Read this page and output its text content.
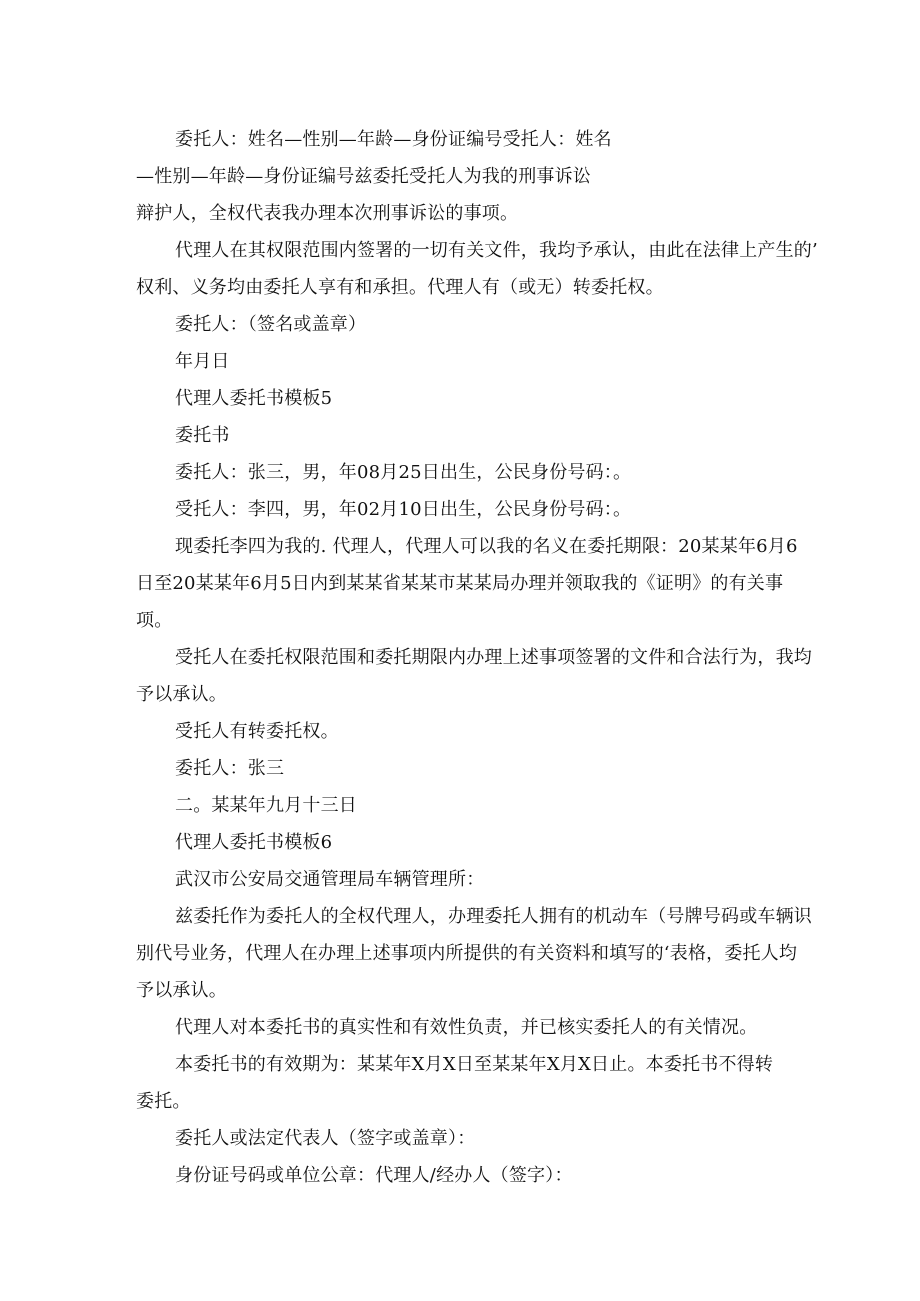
委托人：姓名—性别—年龄—身份证编号受托人：姓名
—性别—年龄—身份证编号兹委托受托人为我的刑事诉讼
辩护人，全权代表我办理本次刑事诉讼的事项。
代理人在其权限范围内签署的一切有关文件，我均予承认，由此在法律上产生的’
权利、义务均由委托人享有和承担。代理人有（或无）转委托权。
委托人：（签名或盖章）
年月日
代理人委托书模板5
委托书
委托人：张三，男，年08月25日出生，公民身份号码：。
受托人：李四，男，年02月10日出生，公民身份号码：。
现委托李四为我的. 代理人，代理人可以我的名义在委托期限：20某某年6月6
日至20某某年6月5日内到某某省某某市某某局办理并领取我的《证明》的有关事
项。
受托人在委托权限范围和委托期限内办理上述事项签署的文件和合法行为，我均
予以承认。
受托人有转委托权。
委托人：张三
二。某某年九月十三日
代理人委托书模板6
武汉市公安局交通管理局车辆管理所：
兹委托作为委托人的全权代理人，办理委托人拥有的机动车（号牌号码或车辆识
别代号业务，代理人在办理上述事项内所提供的有关资料和填写的‘表格，委托人均
予以承认。
代理人对本委托书的真实性和有效性负责，并已核实委托人的有关情况。
本委托书的有效期为：某某年X月X日至某某年X月X日止。本委托书不得转
委托。
委托人或法定代表人（签字或盖章）：
身份证号码或单位公章：代理人/经办人（签字）：
